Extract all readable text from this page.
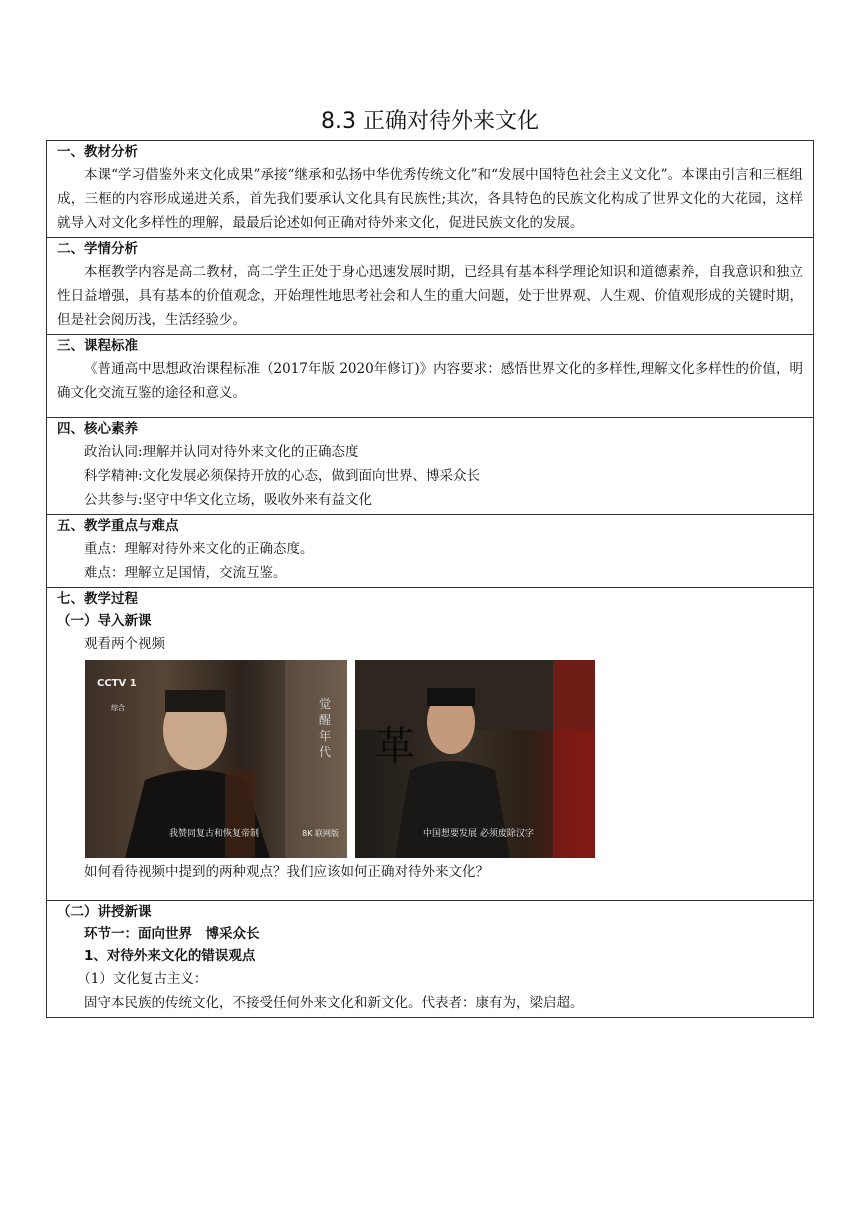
8.3 正确对待外来文化
一、教材分析
本课“学习借鉴外来文化成果”承接“继承和弘扬中华优秀传统文化”和“发展中国特色社会主义文化”。本课由引言和三框组成，三框的内容形成递进关系，首先我们要承认文化具有民族性;其次，各具特色的民族文化构成了世界文化的大花园，这样就导入对文化多样性的理解，最最后论述如何正确对待外来文化，促进民族文化的发展。

二、学情分析
本框教学内容是高二教材，高二学生正处于身心迅速发展时期，已经具有基本科学理论知识和道德素养，自我意识和独立性日益增强，具有基本的价值观念，开始理性地思考社会和人生的重大问题，处于世界观、人生观、价值观形成的关键时期，但是社会阅历浅，生活经验少。

三、课程标准
《普通高中思想政治课程标准（2017年版 2020年修订)》内容要求：感悟世界文化的多样性,理解文化多样性的价值，明确文化交流互鉴的途径和意义。

四、核心素养
政治认同:理解并认同对待外来文化的正确态度
科学精神:文化发展必须保持开放的心态，做到面向世界、博采众长
公共参与:坚守中华文化立场，吸收外来有益文化

五、教学重点与难点
重点：理解对待外来文化的正确态度。
难点：理解立足国情，交流互鉴。

七、教学过程
（一）导入新课
观看两个视频
CCTV 1
综合	觉醒年代
我赞同复古和恢复帝制	8K 联网版
革
中国想要发展 必须废除汉字
如何看待视频中提到的两种观点？我们应该如何正确对待外来文化？

（二）讲授新课
环节一：面向世界　博采众长
1、对待外来文化的错误观点
（1）文化复古主义：
固守本民族的传统文化，不接受任何外来文化和新文化。代表者：康有为，梁启超。
